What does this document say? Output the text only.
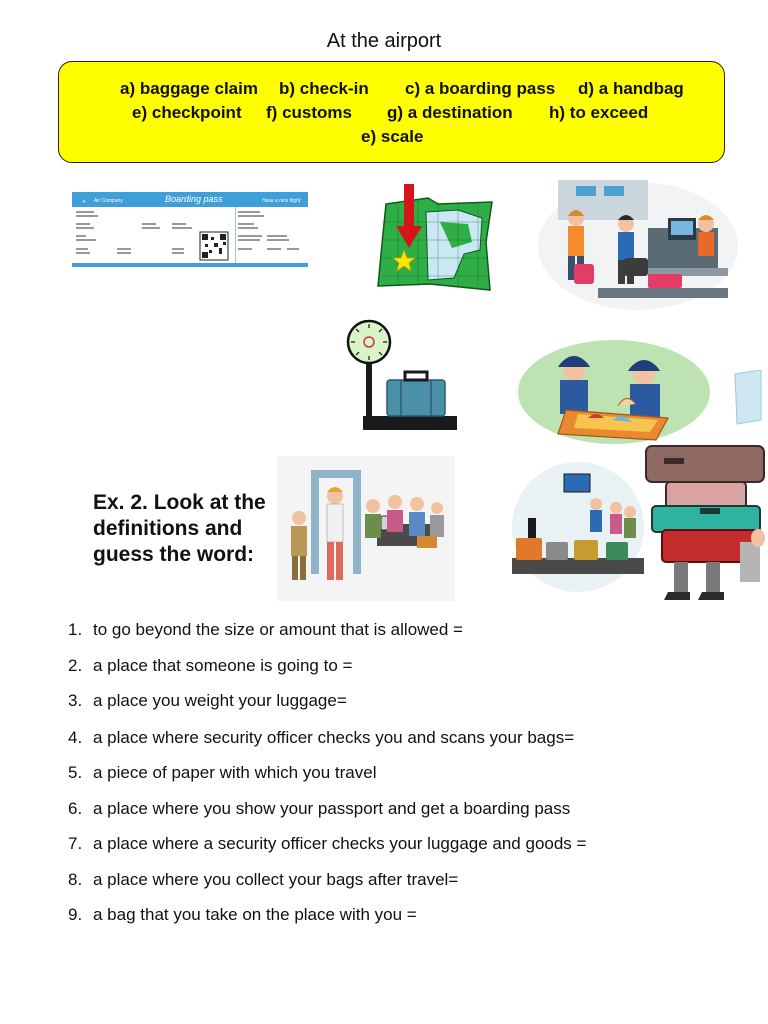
At the airport
a) baggage claim b) check-in c) a boarding pass d) a handbag
e) checkpoint f) customs g) a destination h) to exceed
e) scale
✈ Air Company	Boarding pass	Have a nice flight
Ex. 2. Look at the
definitions and
guess the word:
1. to go beyond the size or amount that is allowed =
2. a place that someone is going to =
3. a place you weight your luggage=
4. a place where security officer checks you and scans your bags=
5. a piece of paper with which you travel
6. a place where you show your passport and get a boarding pass
7. a place where a security officer checks your luggage and goods =
8. a place where you collect your bags after travel=
9. a bag that you take on the place with you =
